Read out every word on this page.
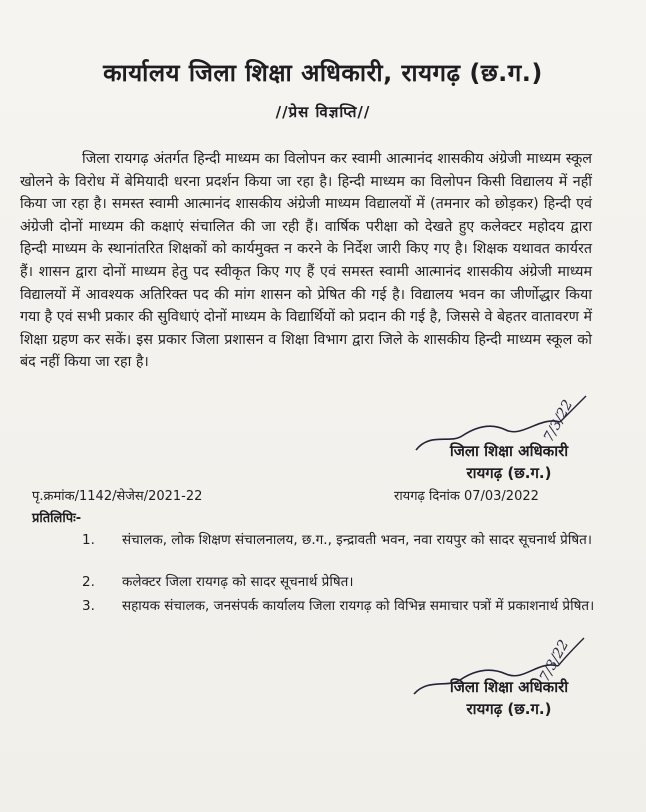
कार्यालय जिला शिक्षा अधिकारी, रायगढ़ (छ.ग.)
//प्रेस विज्ञप्ति//
जिला रायगढ़ अंतर्गत हिन्दी माध्यम का विलोपन कर स्वामी आत्मानंद शासकीय अंग्रेजी माध्यम स्कूल खोलने के विरोध में बेमियादी धरना प्रदर्शन किया जा रहा है। हिन्दी माध्यम का विलोपन किसी विद्यालय में नहीं किया जा रहा है। समस्त स्वामी आत्मानंद शासकीय अंग्रेजी माध्यम विद्यालयों में (तमनार को छोड़कर) हिन्दी एवं अंग्रेजी दोनों माध्यम की कक्षाएं संचालित की जा रही हैं। वार्षिक परीक्षा को देखते हुए कलेक्टर महोदय द्वारा हिन्दी माध्यम के स्थानांतरित शिक्षकों को कार्यमुक्त न करने के निर्देश जारी किए गए है। शिक्षक यथावत कार्यरत हैं। शासन द्वारा दोनों माध्यम हेतु पद स्वीकृत किए गए हैं एवं समस्त स्वामी आत्मानंद शासकीय अंग्रेजी माध्यम विद्यालयों में आवश्यक अतिरिक्त पद की मांग शासन को प्रेषित की गई है। विद्यालय भवन का जीर्णोद्धार किया गया है एवं सभी प्रकार की सुविधाएं दोनों माध्यम के विद्यार्थियों को प्रदान की गई है, जिससे वे बेहतर वातावरण में शिक्षा ग्रहण कर सकें। इस प्रकार जिला प्रशासन व शिक्षा विभाग द्वारा जिले के शासकीय हिन्दी माध्यम स्कूल को बंद नहीं किया जा रहा है।
7/3/22
जिला शिक्षा अधिकारी
रायगढ़ (छ.ग.)
पृ.क्रमांक/1142/सेजेस/2021-22	रायगढ़ दिनांक 07/03/2022
प्रतिलिपिः-
1. संचालक, लोक शिक्षण संचालनालय, छ.ग., इन्द्रावती भवन, नवा रायपुर को सादर सूचनार्थ प्रेषित।
2. कलेक्टर जिला रायगढ़ को सादर सूचनार्थ प्रेषित।
3. सहायक संचालक, जनसंपर्क कार्यालय जिला रायगढ़ को विभिन्न समाचार पत्रों में प्रकाशनार्थ प्रेषित।
7/3/22
जिला शिक्षा अधिकारी
रायगढ़ (छ.ग.)
